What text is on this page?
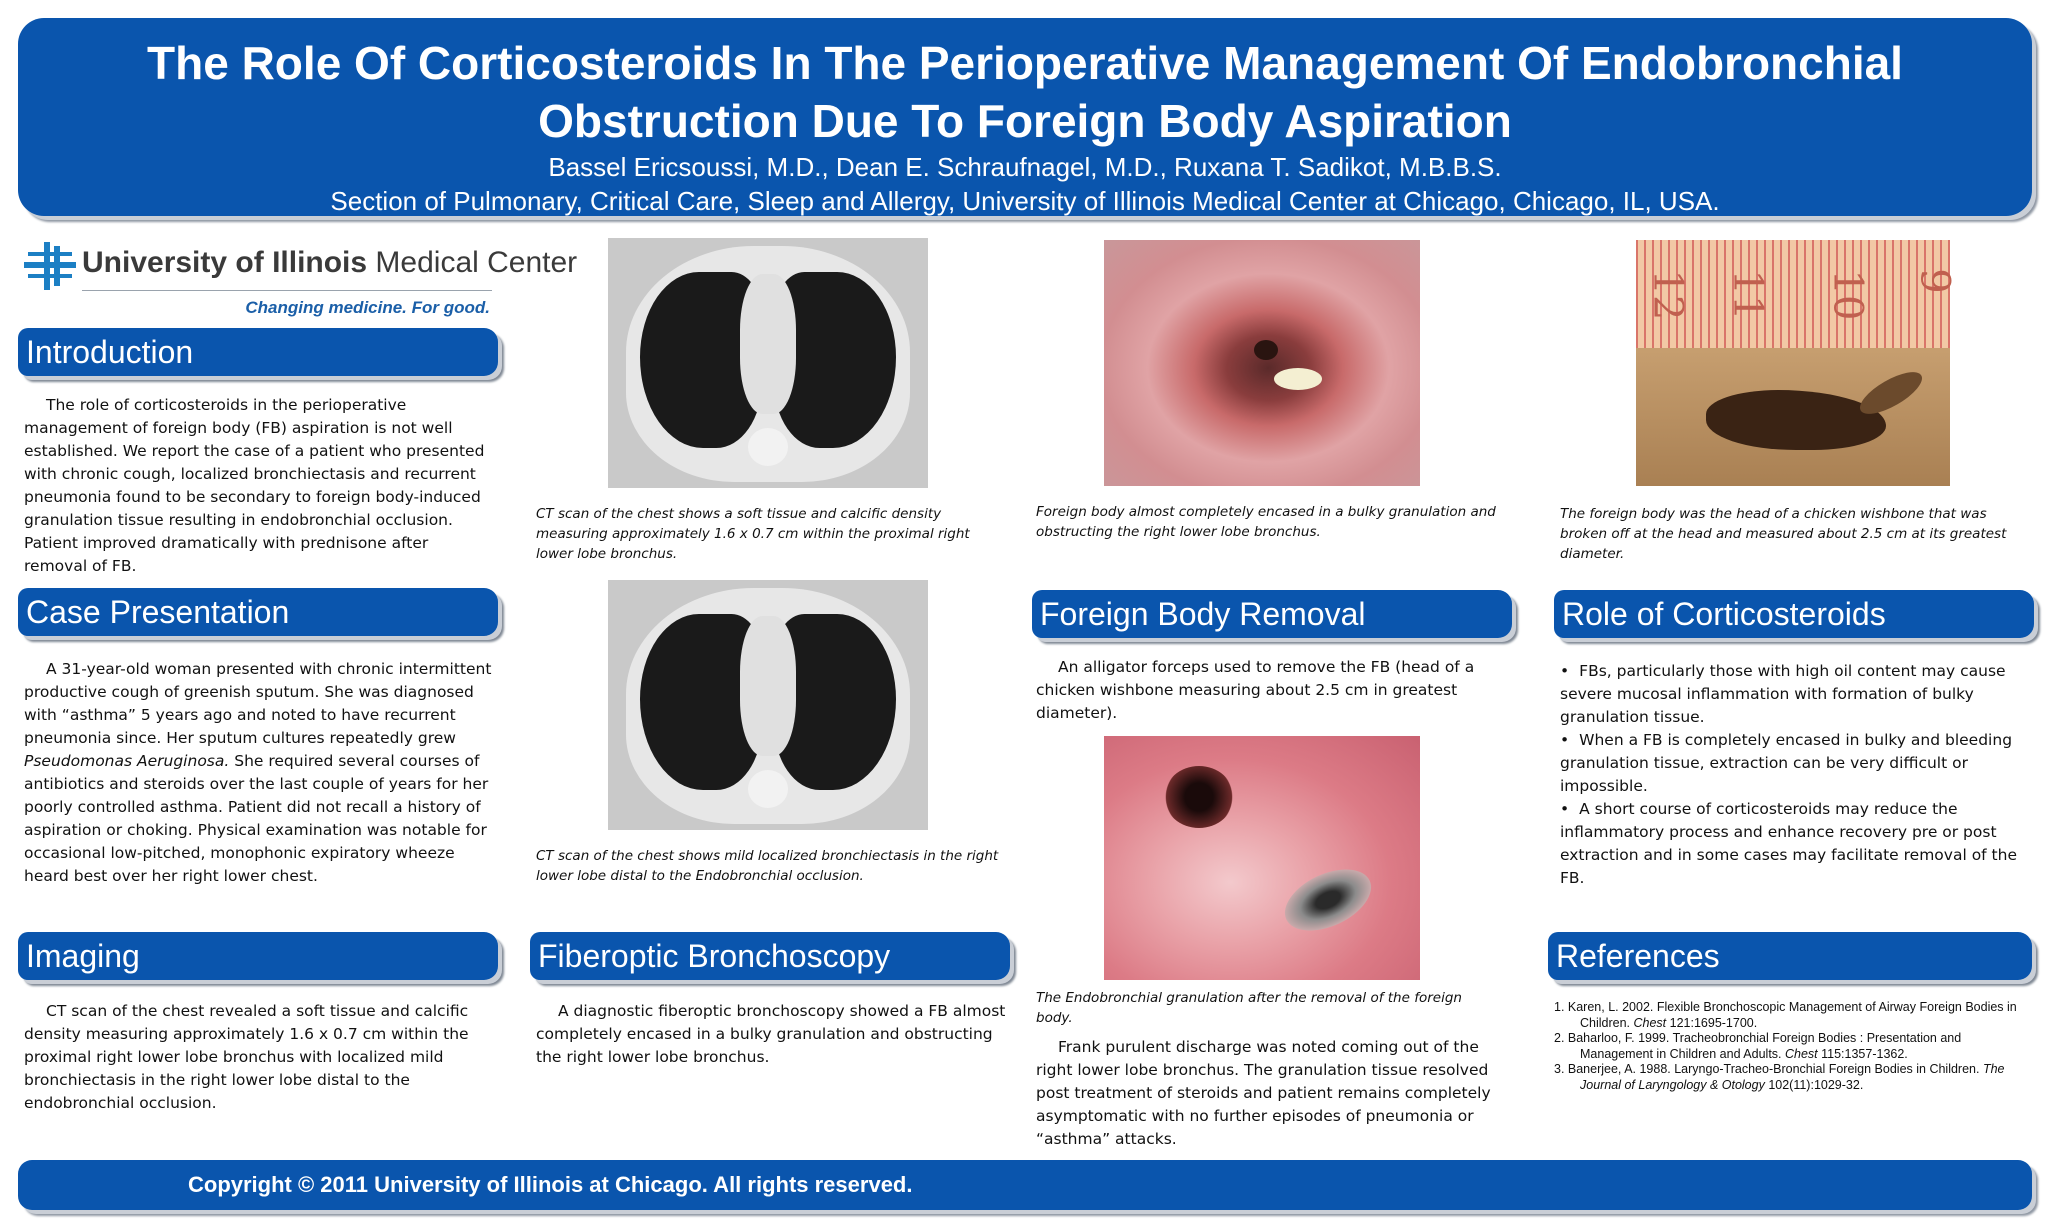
The Role Of Corticosteroids In The Perioperative Management Of Endobronchial Obstruction Due To Foreign Body Aspiration
Bassel Ericsoussi, M.D., Dean E. Schraufnagel, M.D., Ruxana T. Sadikot, M.B.B.S.
Section of Pulmonary, Critical Care, Sleep and Allergy, University of Illinois Medical Center at Chicago, Chicago, IL, USA.
University of Illinois Medical Center
Changing medicine. For good.
Introduction

The role of corticosteroids in the perioperative management of foreign body (FB) aspiration is not well established. We report the case of a patient who presented with chronic cough, localized bronchiectasis and recurrent pneumonia found to be secondary to foreign body-induced granulation tissue resulting in endobronchial occlusion. Patient improved dramatically with prednisone after removal of FB.

Case Presentation

A 31-year-old woman presented with chronic intermittent productive cough of greenish sputum. She was diagnosed with “asthma” 5 years ago and noted to have recurrent pneumonia since. Her sputum cultures repeatedly grew Pseudomonas Aeruginosa. She required several courses of antibiotics and steroids over the last couple of years for her poorly controlled asthma. Patient did not recall a history of aspiration or choking. Physical examination was notable for occasional low-pitched, monophonic expiratory wheeze heard best over her right lower chest.

Imaging

CT scan of the chest revealed a soft tissue and calcific density measuring approximately 1.6 x 0.7 cm within the proximal right lower lobe bronchus with localized mild bronchiectasis in the right lower lobe distal to the endobronchial occlusion.

CT scan of the chest shows a soft tissue and calcific density measuring approximately 1.6 x 0.7 cm within the proximal right lower lobe bronchus.
CT scan of the chest shows mild localized bronchiectasis in the right lower lobe distal to the Endobronchial occlusion.
Fiberoptic Bronchoscopy

A diagnostic fiberoptic bronchoscopy showed a FB almost completely encased in a bulky granulation and obstructing the right lower lobe bronchus.

Foreign body almost completely encased in a bulky granulation and obstructing the right lower lobe bronchus.
Foreign Body Removal

An alligator forceps used to remove the FB (head of a chicken wishbone measuring about 2.5 cm in greatest diameter).

The Endobronchial granulation after the removal of the foreign body.

Frank purulent discharge was noted coming out of the right lower lobe bronchus. The granulation tissue resolved post treatment of steroids and patient remains completely asymptomatic with no further episodes of pneumonia or “asthma” attacks.

12 11 10 9
The foreign body was the head of a chicken wishbone that was broken off at the head and measured about 2.5 cm at its greatest diameter.
Role of Corticosteroids
• FBs, particularly those with high oil content may cause severe mucosal inflammation with formation of bulky granulation tissue.
• When a FB is completely encased in bulky and bleeding granulation tissue, extraction can be very difficult or impossible.
• A short course of corticosteroids may reduce the inflammatory process and enhance recovery pre or post extraction and in some cases may facilitate removal of the FB.
References
1. Karen, L. 2002. Flexible Bronchoscopic Management of Airway Foreign Bodies in Children. Chest 121:1695-1700.
2. Baharloo, F. 1999. Tracheobronchial Foreign Bodies : Presentation and Management in Children and Adults. Chest 115:1357-1362.
3. Banerjee, A. 1988. Laryngo-Tracheo-Bronchial Foreign Bodies in Children. The Journal of Laryngology & Otology 102(11):1029-32.
Copyright © 2011 University of Illinois at Chicago. All rights reserved.
